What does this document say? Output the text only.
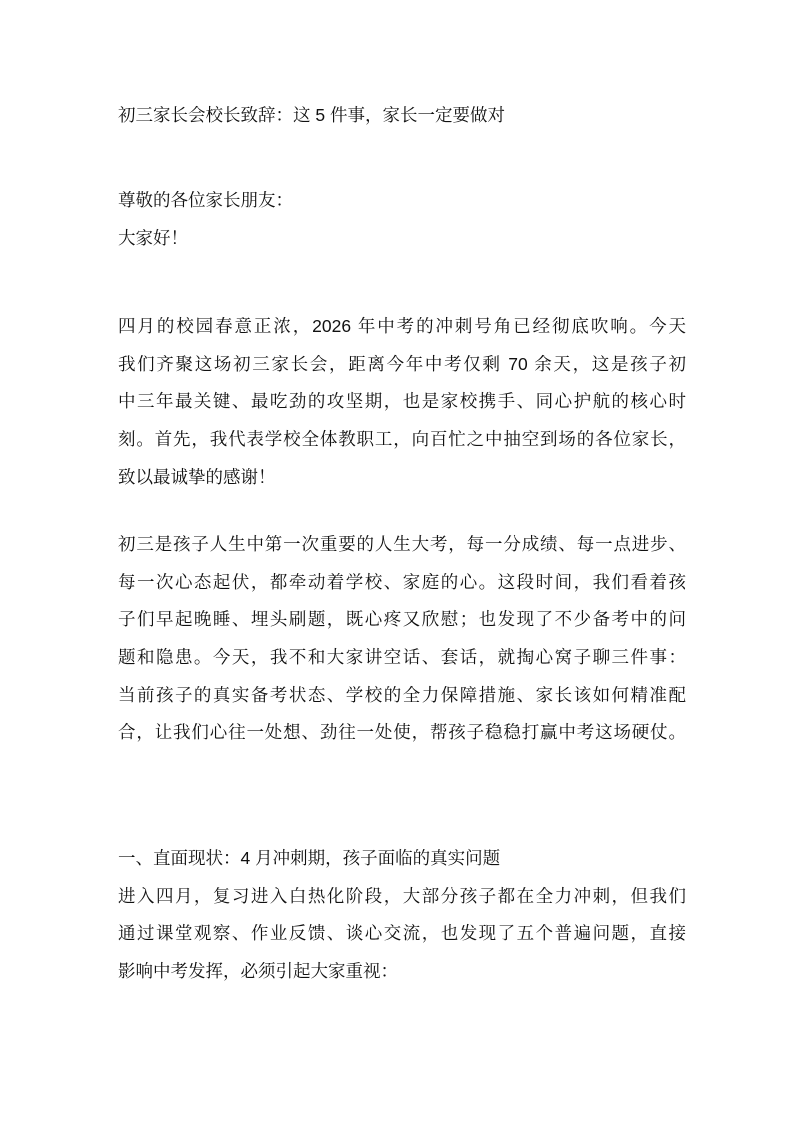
初三家长会校长致辞：这 5 件事，家长一定要做对
尊敬的各位家长朋友：
大家好！
四月的校园春意正浓，2026 年中考的冲刺号角已经彻底吹响。今天
我们齐聚这场初三家长会，距离今年中考仅剩 70 余天，这是孩子初
中三年最关键、最吃劲的攻坚期，也是家校携手、同心护航的核心时
刻。首先，我代表学校全体教职工，向百忙之中抽空到场的各位家长，
致以最诚挚的感谢！
初三是孩子人生中第一次重要的人生大考，每一分成绩、每一点进步、
每一次心态起伏，都牵动着学校、家庭的心。这段时间，我们看着孩
子们早起晚睡、埋头刷题，既心疼又欣慰；也发现了不少备考中的问
题和隐患。今天，我不和大家讲空话、套话，就掏心窝子聊三件事：
当前孩子的真实备考状态、学校的全力保障措施、家长该如何精准配
合，让我们心往一处想、劲往一处使，帮孩子稳稳打赢中考这场硬仗。
一、直面现状：4 月冲刺期，孩子面临的真实问题
进入四月，复习进入白热化阶段，大部分孩子都在全力冲刺，但我们
通过课堂观察、作业反馈、谈心交流，也发现了五个普遍问题，直接
影响中考发挥，必须引起大家重视：
